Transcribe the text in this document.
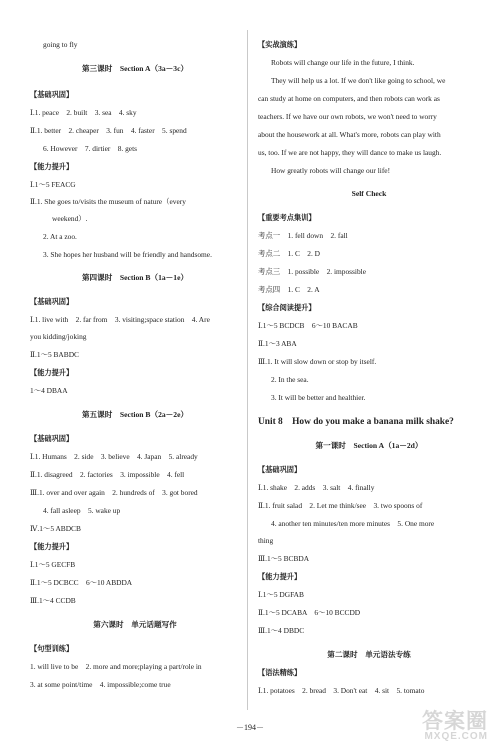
going to fly
第三课时　Section A（3a－3c）
【基础巩固】
Ⅰ.1. peace　2. built　3. sea　4. sky
Ⅱ.1. better　2. cheaper　3. fun　4. faster　5. spend
6. However　7. dirtier　8. gets
【能力提升】
Ⅰ.1～5 FEACG
Ⅱ.1. She goes to/visits the museum of nature（every
weekend）.
2. At a zoo.
3. She hopes her husband will be friendly and handsome.
第四课时　Section B（1a－1e）
【基础巩固】
Ⅰ.1. live with　2. far from　3. visiting;space station　4. Are
you kidding/joking
Ⅱ.1～5 BABDC
【能力提升】
1～4 DBAA
第五课时　Section B（2a－2e）
【基础巩固】
Ⅰ.1. Humans　2. side　3. believe　4. Japan　5. already
Ⅱ.1. disagreed　2. factories　3. impossible　4. fell
Ⅲ.1. over and over again　2. hundreds of　3. got bored
4. fall asleep　5. wake up
Ⅳ.1～5 ABDCB
【能力提升】
Ⅰ.1～5 GECFB
Ⅱ.1～5 DCBCC　6～10 ABDDA
Ⅲ.1～4 CCDB
第六课时　单元话题写作
【句型训练】
1. will live to be　2. more and more;playing a part/role in
3. at some point/time　4. impossible;come true
【实战演练】
Robots will change our life in the future, I think.
They will help us a lot. If we don't like going to school, we
can study at home on computers, and then robots can work as
teachers. If we have our own robots, we won't need to worry
about the housework at all. What's more, robots can play with
us, too. If we are not happy, they will dance to make us laugh.
How greatly robots will change our life!
Self Check
【重要考点集训】
考点一　1. fell down　2. fall
考点二　1. C　2. D
考点三　1. possible　2. impossible
考点四　1. C　2. A
【综合阅读提升】
Ⅰ.1～5 BCDCB　6～10 BACAB
Ⅱ.1～3 ABA
Ⅲ.1. It will slow down or stop by itself.
2. In the sea.
3. It will be better and healthier.
Unit 8　How do you make a banana milk shake?
第一课时　Section A（1a－2d）
【基础巩固】
Ⅰ.1. shake　2. adds　3. salt　4. finally
Ⅱ.1. fruit salad　2. Let me think/see　3. two spoons of
4. another ten minutes/ten more minutes　5. One more
thing
Ⅲ.1～5 BCBDA
【能力提升】
Ⅰ.1～5 DGFAB
Ⅱ.1～5 DCABA　6～10 BCCDD
Ⅲ.1～4 DBDC
第二课时　单元语法专练
【语法精练】
Ⅰ.1. potatoes　2. bread　3. Don't eat　4. sit　5. tomato
－194－	答案圈
MXQE.COM
